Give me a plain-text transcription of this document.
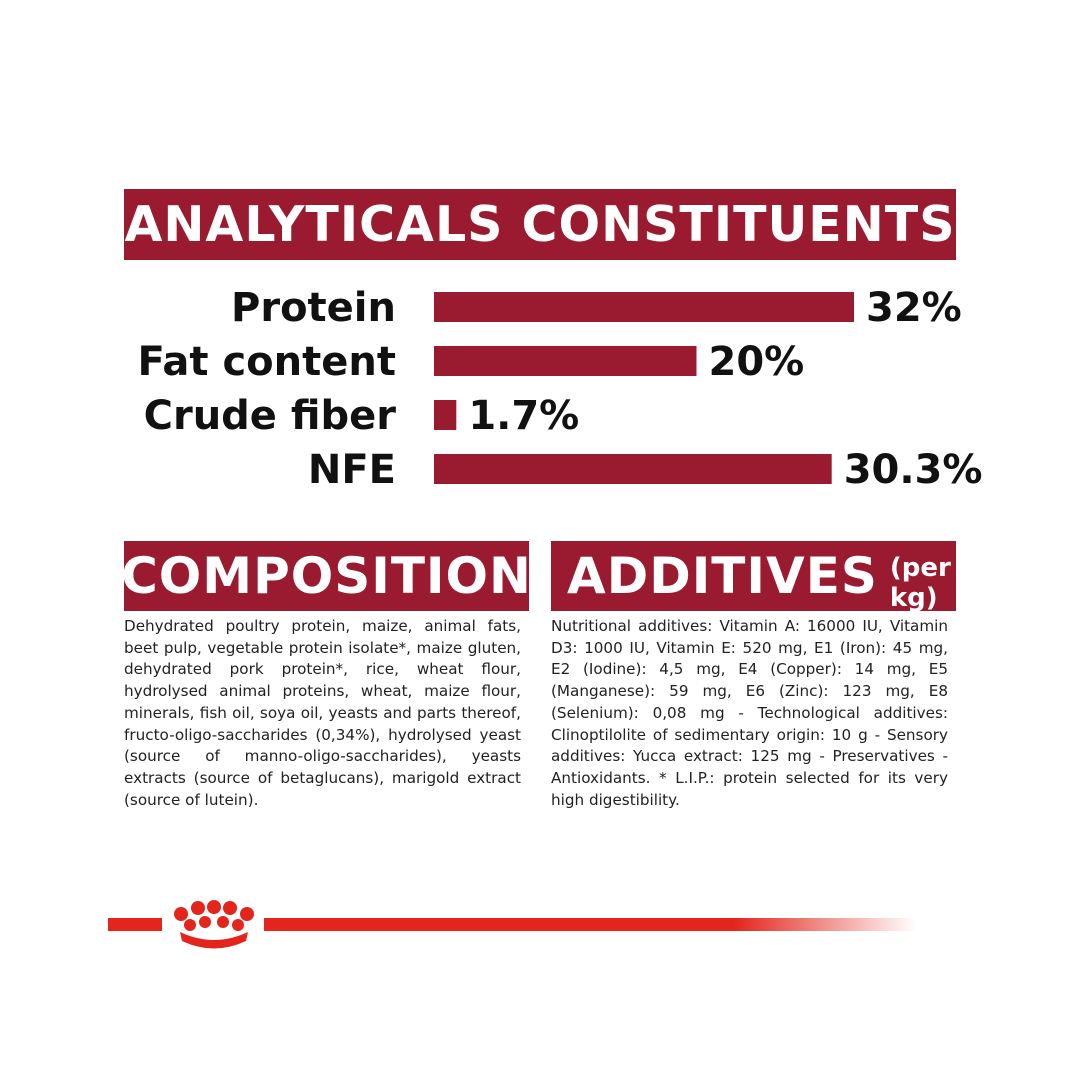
ANALYTICALS CONSTITUENTS
Protein	32%
Fat content	20%
Crude fiber 1.7%
NFE	30.3%
COMPOSITION

Dehydrated poultry protein, maize, animal fats, beet pulp, vegetable protein isolate*, maize gluten, dehydrated pork protein*, rice, wheat flour, hydrolysed animal proteins, wheat, maize flour, minerals, fish oil, soya oil, yeasts and parts thereof, fructo-oligo-saccharides (0,34%), hydrolysed yeast (source of manno-oligo-saccharides), yeasts extracts (source of betaglucans), marigold extract (source of lutein).

ADDITIVES (per kg)

Nutritional additives: Vitamin A: 16000 IU, Vitamin D3: 1000 IU, Vitamin E: 520 mg, E1 (Iron): 45 mg, E2 (Iodine): 4,5 mg, E4 (Copper): 14 mg, E5 (Manganese): 59 mg, E6 (Zinc): 123 mg, E8 (Selenium): 0,08 mg - Technological additives: Clinoptilolite of sedimentary origin: 10 g - Sensory additives: Yucca extract: 125 mg - Preservatives - Antioxidants. * L.I.P.: protein selected for its very high digestibility.
